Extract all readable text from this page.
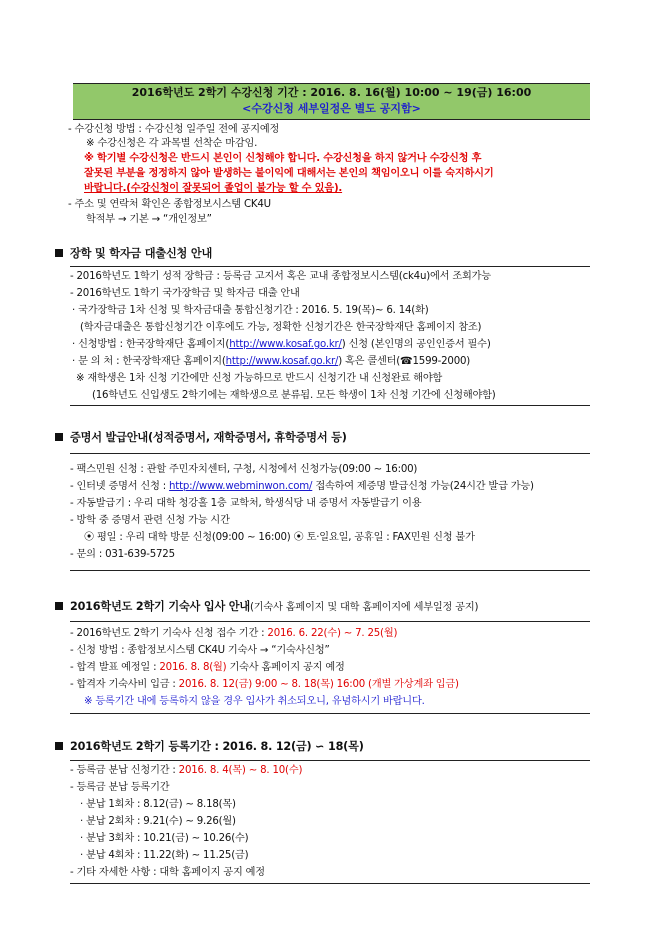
2016학년도 2학기 수강신청 기간 : 2016. 8. 16(월) 10:00 ∼ 19(금) 16:00
<수강신청 세부일정은 별도 공지함>
- 수강신청 방법 : 수강신청 일주일 전에 공지예정
※ 수강신청은 각 과목별 선착순 마감임.
※ 학기별 수강신청은 반드시 본인이 신청해야 합니다. 수강신청을 하지 않거나 수강신청 후
잘못된 부분을 정정하지 않아 발생하는 불이익에 대해서는 본인의 책임이오니 이를 숙지하시기
바랍니다.(수강신청이 잘못되어 졸업이 불가능 할 수 있음).
- 주소 및 연락처 확인은 종합정보시스템 CK4U
학적부 → 기본 → “개인정보”
장학 및 학자금 대출신청 안내
- 2016학년도 1학기 성적 장학금 : 등록금 고지서 혹은 교내 종합정보시스템(ck4u)에서 조회가능
- 2016학년도 1학기 국가장학금 및 학자금 대출 안내
· 국가장학금 1차 신청 및 학자금대출 통합신청기간 : 2016. 5. 19(목)~ 6. 14(화)
(학자금대출은 통합신청기간 이후에도 가능, 정확한 신청기간은 한국장학재단 홈페이지 참조)
· 신청방법 : 한국장학재단 홈페이지(http://www.kosaf.go.kr/) 신청 (본인명의 공인인증서 필수)
· 문 의 처 : 한국장학재단 홈페이지(http://www.kosaf.go.kr/) 혹은 콜센터(☎1599-2000)
※ 재학생은 1차 신청 기간에만 신청 가능하므로 반드시 신청기간 내 신청완료 해야함
(16학년도 신입생도 2학기에는 재학생으로 분류됨. 모든 학생이 1차 신청 기간에 신청해야함)
증명서 발급안내(성적증명서, 재학증명서, 휴학증명서 등)
- 팩스민원 신청 : 관할 주민자치센터, 구청, 시청에서 신청가능(09:00 ∼ 16:00)
- 인터넷 증명서 신청 : http://www.webminwon.com/ 접속하여 제증명 발급신청 가능(24시간 발급 가능)
- 자동발급기 : 우리 대학 청강홀 1층 교학처, 학생식당 내 증명서 자동발급기 이용
- 방학 중 증명서 관련 신청 가능 시간
⦿ 평일 : 우리 대학 방문 신청(09:00 ∼ 16:00) ⦿ 토·일요일, 공휴일 : FAX민원 신청 불가
- 문의 : 031-639-5725
2016학년도 2학기 기숙사 입사 안내(기숙사 홈페이지 및 대학 홈페이지에 세부일정 공지)
- 2016학년도 2학기 기숙사 신청 접수 기간 : 2016. 6. 22(수) ∼ 7. 25(월)
- 신청 방법 : 종합정보시스템 CK4U 기숙사 → “기숙사신청”
- 합격 발표 예정일 : 2016. 8. 8(월) 기숙사 홈페이지 공지 예정
- 합격자 기숙사비 입금 : 2016. 8. 12(금) 9:00 ∼ 8. 18(목) 16:00 (개별 가상계좌 입금)
※ 등록기간 내에 등록하지 않을 경우 입사가 취소되오니, 유념하시기 바랍니다.
2016학년도 2학기 등록기간 : 2016. 8. 12(금) ∽ 18(목)
- 등록금 분납 신청기간 : 2016. 8. 4(목) ∼ 8. 10(수)
- 등록금 분납 등록기간
· 분납 1회차 : 8.12(금) ∼ 8.18(목)
· 분납 2회차 : 9.21(수) ∼ 9.26(월)
· 분납 3회차 : 10.21(금) ∼ 10.26(수)
· 분납 4회차 : 11.22(화) ∼ 11.25(금)
- 기타 자세한 사항 : 대학 홈페이지 공지 예정
